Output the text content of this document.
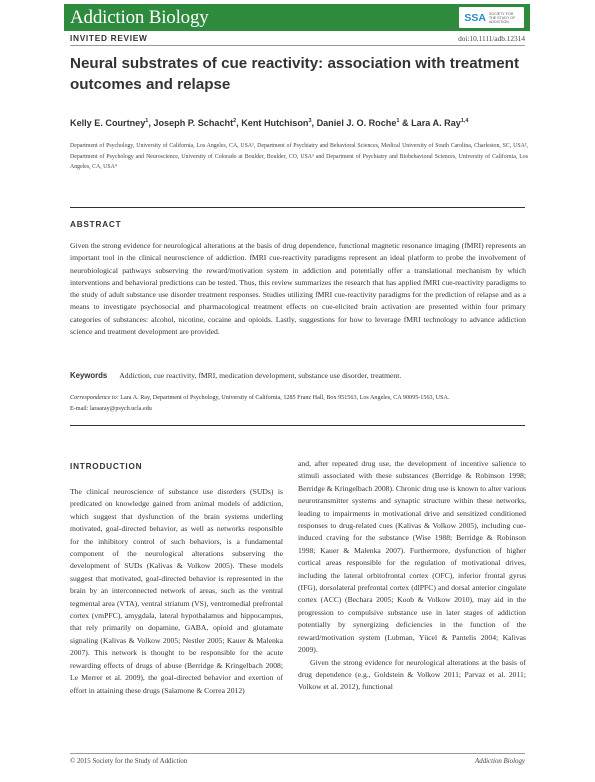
Addiction Biology	SSA SOCIETY FOR THE STUDY OF ADDICTION
INVITED REVIEW	doi:10.1111/adb.12314
Neural substrates of cue reactivity: association with treatment outcomes and relapse
Kelly E. Courtney$^1$, Joseph P. Schacht$^2$, Kent Hutchison$^3$, Daniel J. O. Roche$^1$ & Lara A. Ray$^{1,4}$

Department of Psychology, University of California, Los Angeles, CA, USA¹, Department of Psychiatry and Behavioral Sciences, Medical University of South Carolina, Charleston, SC, USA², Department of Psychology and Neuroscience, University of Colorado at Boulder, Boulder, CO, USA³ and Department of Psychiatry and Biobehavioral Sciences, University of California, Los Angeles, CA, USA⁴

ABSTRACT

Given the strong evidence for neurological alterations at the basis of drug dependence, functional magnetic resonance imaging (fMRI) represents an important tool in the clinical neuroscience of addiction. fMRI cue-reactivity paradigms represent an ideal platform to probe the involvement of neurobiological pathways subserving the reward/motivation system in addiction and potentially offer a translational mechanism by which interventions and behavioral predictions can be tested. Thus, this review summarizes the research that has applied fMRI cue-reactivity paradigms to the study of adult substance use disorder treatment responses. Studies utilizing fMRI cue-reactivity paradigms for the prediction of relapse and as a means to investigate psychosocial and pharmacological treatment effects on cue-elicited brain activation are presented within four primary categories of substances: alcohol, nicotine, cocaine and opioids. Lastly, suggestions for how to leverage fMRI technology to advance addiction science and treatment development are provided.

Keywords Addiction, cue reactivity, fMRI, medication development, substance use disorder, treatment.
Correspondence to: Lara A. Ray, Department of Psychology, University of California, 1285 Franz Hall, Box 951563, Los Angeles, CA 90095-1563, USA.
E-mail: laraaray@psych.ucla.edu
INTRODUCTION

The clinical neuroscience of substance use disorders (SUDs) is predicated on knowledge gained from animal models of addiction, which suggest that dysfunction of the brain systems underling motivated, goal-directed behavior, as well as networks responsible for the inhibitory control of such behaviors, is a fundamental component of the neurological alterations subserving the development of SUDs (Kalivas & Volkow 2005). These models suggest that motivated, goal-directed behavior is represented in the brain by an interconnected network of areas, such as the ventral tegmental area (VTA), ventral striatum (VS), ventromedial prefrontal cortex (vmPFC), amygdala, lateral hypothalamus and hippocampus, that rely primarily on dopamine, GABA, opioid and glutamate signaling (Kalivas & Volkow 2005; Nestler 2005; Kauer & Malenka 2007). This network is thought to be responsible for the acute rewarding effects of drugs of abuse (Berridge & Kringelbach 2008; Le Merrer et al. 2009), the goal-directed behavior and exertion of effort in attaining these drugs (Salamone & Correa 2012)

and, after repeated drug use, the development of incentive salience to stimuli associated with these substances (Berridge & Robinson 1998; Berridge & Kringelbach 2008). Chronic drug use is known to alter various neurotransmitter systems and synaptic structure within these networks, leading to impairments in motivational drive and sensitized conditioned responses to drug-related cues (Kalivas & Volkow 2005), including cue-induced craving for the substance (Wise 1988; Berridge & Robinson 1998; Kauer & Malenka 2007). Furthermore, dysfunction of higher cortical areas responsible for the regulation of motivational drives, including the lateral orbitofrontal cortex (OFC), inferior frontal gyrus (IFG), dorsolateral prefrontal cortex (dlPFC) and dorsal anterior cingulate cortex (ACC) (Bechara 2005; Koob & Volkow 2010), may aid in the progression to compulsive substance use in later stages of addiction potentially by synergizing deficiencies in the function of the reward/motivation system (Lubman, Yücel & Pantelis 2004; Kalivas 2009).
Given the strong evidence for neurological alterations at the basis of drug dependence (e.g., Goldstein & Volkow 2011; Parvaz et al. 2011; Volkow et al. 2012), functional
© 2015 Society for the Study of Addiction	Addiction Biology
